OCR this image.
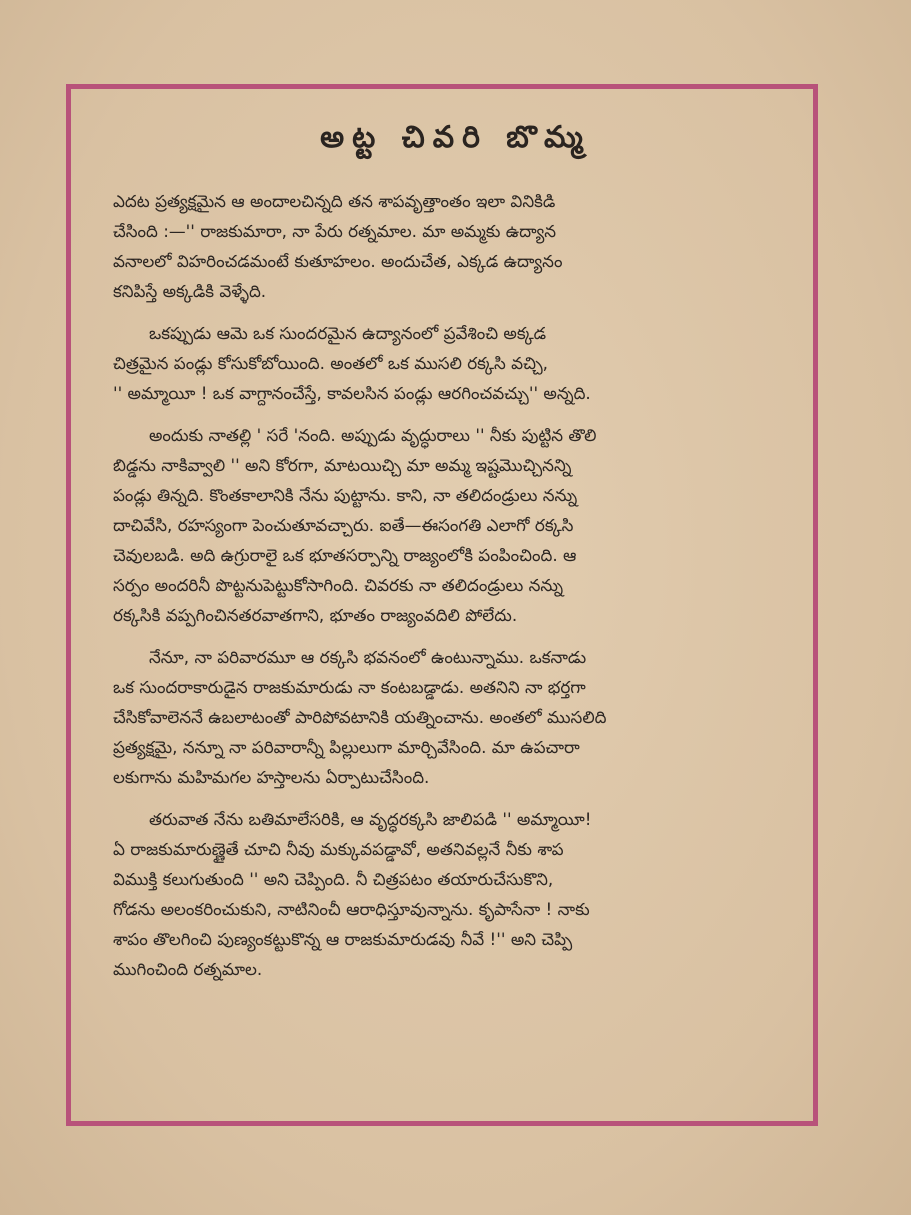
అట్ట చివరి బొమ్మ
ఎదట ప్రత్యక్షమైన ఆ అందాలచిన్నది తన శాపవృత్తాంతం ఇలా వినికిడి
చేసింది :—'' రాజకుమారా, నా పేరు రత్నమాల. మా అమ్మకు ఉద్యాన
వనాలలో విహరించడమంటే కుతూహలం. అందుచేత, ఎక్కడ ఉద్యానం
కనిపిస్తే అక్కడికి వెళ్ళేది.
ఒకప్పుడు ఆమె ఒక సుందరమైన ఉద్యానంలో ప్రవేశించి అక్కడ
చిత్రమైన పండ్లు కోసుకోబోయింది. అంతలో ఒక ముసలి రక్కసి వచ్చి,
'' అమ్మాయీ ! ఒక వాగ్దానంచేస్తే, కావలసిన పండ్లు ఆరగించవచ్చు'' అన్నది.
అందుకు నాతల్లి ' సరే 'నంది. అప్పుడు వృద్ధురాలు '' నీకు పుట్టిన తొలి
బిడ్డను నాకివ్వాలి '' అని కోరగా, మాటయిచ్చి మా అమ్మ ఇష్టమొచ్చినన్ని
పండ్లు తిన్నది. కొంతకాలానికి నేను పుట్టాను. కాని, నా తలిదండ్రులు నన్ను
దాచివేసి, రహస్యంగా పెంచుతూవచ్చారు. ఐతే—ఈసంగతి ఎలాగో రక్కసి
చెవులబడి. అది ఉగ్రురాలై ఒక భూతసర్పాన్ని రాజ్యంలోకి పంపించింది. ఆ
సర్పం అందరినీ పొట్టనుపెట్టుకోసాగింది. చివరకు నా తలిదండ్రులు నన్ను
రక్కసికి వప్పగించినతరవాతగాని, భూతం రాజ్యంవదిలి పోలేదు.
నేనూ, నా పరివారమూ ఆ రక్కసి భవనంలో ఉంటున్నాము. ఒకనాడు
ఒక సుందరాకారుడైన రాజకుమారుడు నా కంటబడ్డాడు. అతనిని నా భర్తగా
చేసికోవాలెననే ఉబలాటంతో పారిపోవటానికి యత్నించాను. అంతలో ముసలిది
ప్రత్యక్షమై, నన్నూ నా పరివారాన్నీ పిల్లులుగా మార్చివేసింది. మా ఉపచారా
లకుగాను మహిమగల హస్తాలను ఏర్పాటుచేసింది.
తరువాత నేను బతిమాలేసరికి, ఆ వృద్ధరక్కసి జాలిపడి '' అమ్మాయీ!
ఏ రాజకుమారుణ్ణైతే చూచి నీవు మక్కువపడ్డావో, అతనివల్లనే నీకు శాప
విముక్తి కలుగుతుంది '' అని చెప్పింది. నీ చిత్రపటం తయారుచేసుకొని,
గోడను అలంకరించుకుని, నాటినించీ ఆరాధిస్తూవున్నాను. కృపాసేనా ! నాకు
శాపం తొలగించి పుణ్యంకట్టుకొన్న ఆ రాజకుమారుడవు నీవే !'' అని చెప్పి
ముగించింది రత్నమాల.
